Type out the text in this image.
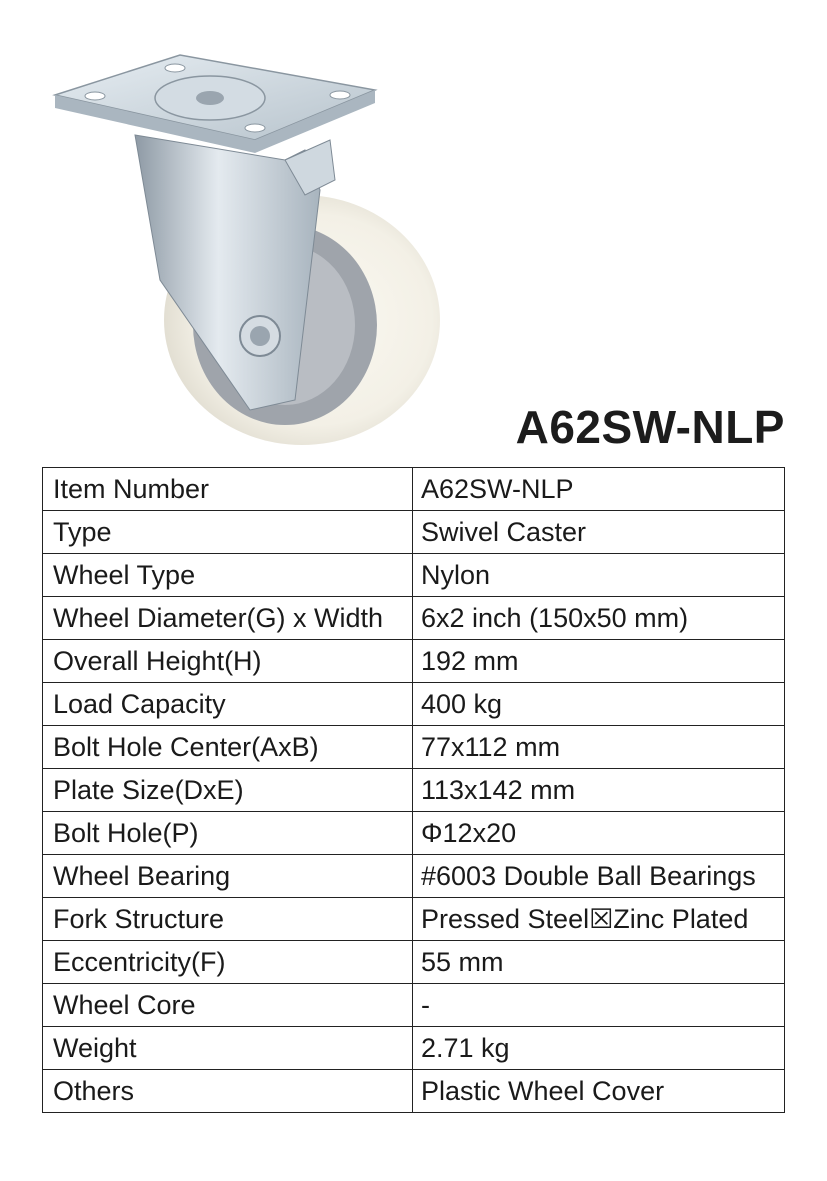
A62SW-NLP
Item Number	A62SW-NLP
Type	Swivel Caster
Wheel Type	Nylon
Wheel Diameter(G) x Width	6x2 inch (150x50 mm)
Overall Height(H)	192 mm
Load Capacity	400 kg
Bolt Hole Center(AxB)	77x112 mm
Plate Size(DxE)	113x142 mm
Bolt Hole(P)	Φ12x20
Wheel Bearing	#6003 Double Ball Bearings
Fork Structure	Pressed Steel☒Zinc Plated
Eccentricity(F)	55 mm
Wheel Core	-
Weight	2.71 kg
Others	Plastic Wheel Cover
